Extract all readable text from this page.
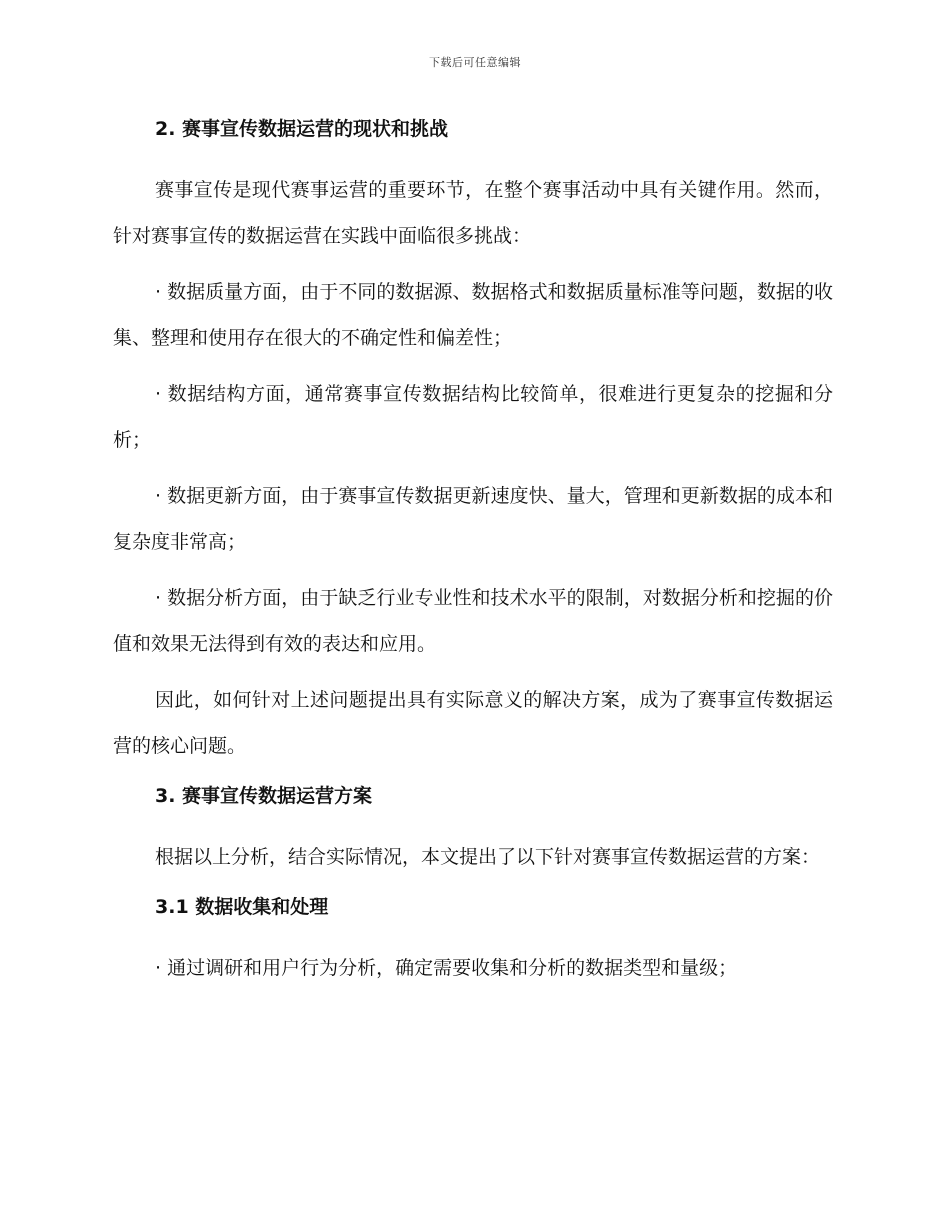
下载后可任意编辑
2. 赛事宣传数据运营的现状和挑战

赛事宣传是现代赛事运营的重要环节，在整个赛事活动中具有关键作用。然而，针对赛事宣传的数据运营在实践中面临很多挑战：

· 数据质量方面，由于不同的数据源、数据格式和数据质量标准等问题，数据的收集、整理和使用存在很大的不确定性和偏差性；

· 数据结构方面，通常赛事宣传数据结构比较简单，很难进行更复杂的挖掘和分析；

· 数据更新方面，由于赛事宣传数据更新速度快、量大，管理和更新数据的成本和复杂度非常高；

· 数据分析方面，由于缺乏行业专业性和技术水平的限制，对数据分析和挖掘的价值和效果无法得到有效的表达和应用。

因此，如何针对上述问题提出具有实际意义的解决方案，成为了赛事宣传数据运营的核心问题。

3. 赛事宣传数据运营方案

根据以上分析，结合实际情况，本文提出了以下针对赛事宣传数据运营的方案：

3.1 数据收集和处理

· 通过调研和用户行为分析，确定需要收集和分析的数据类型和量级；
